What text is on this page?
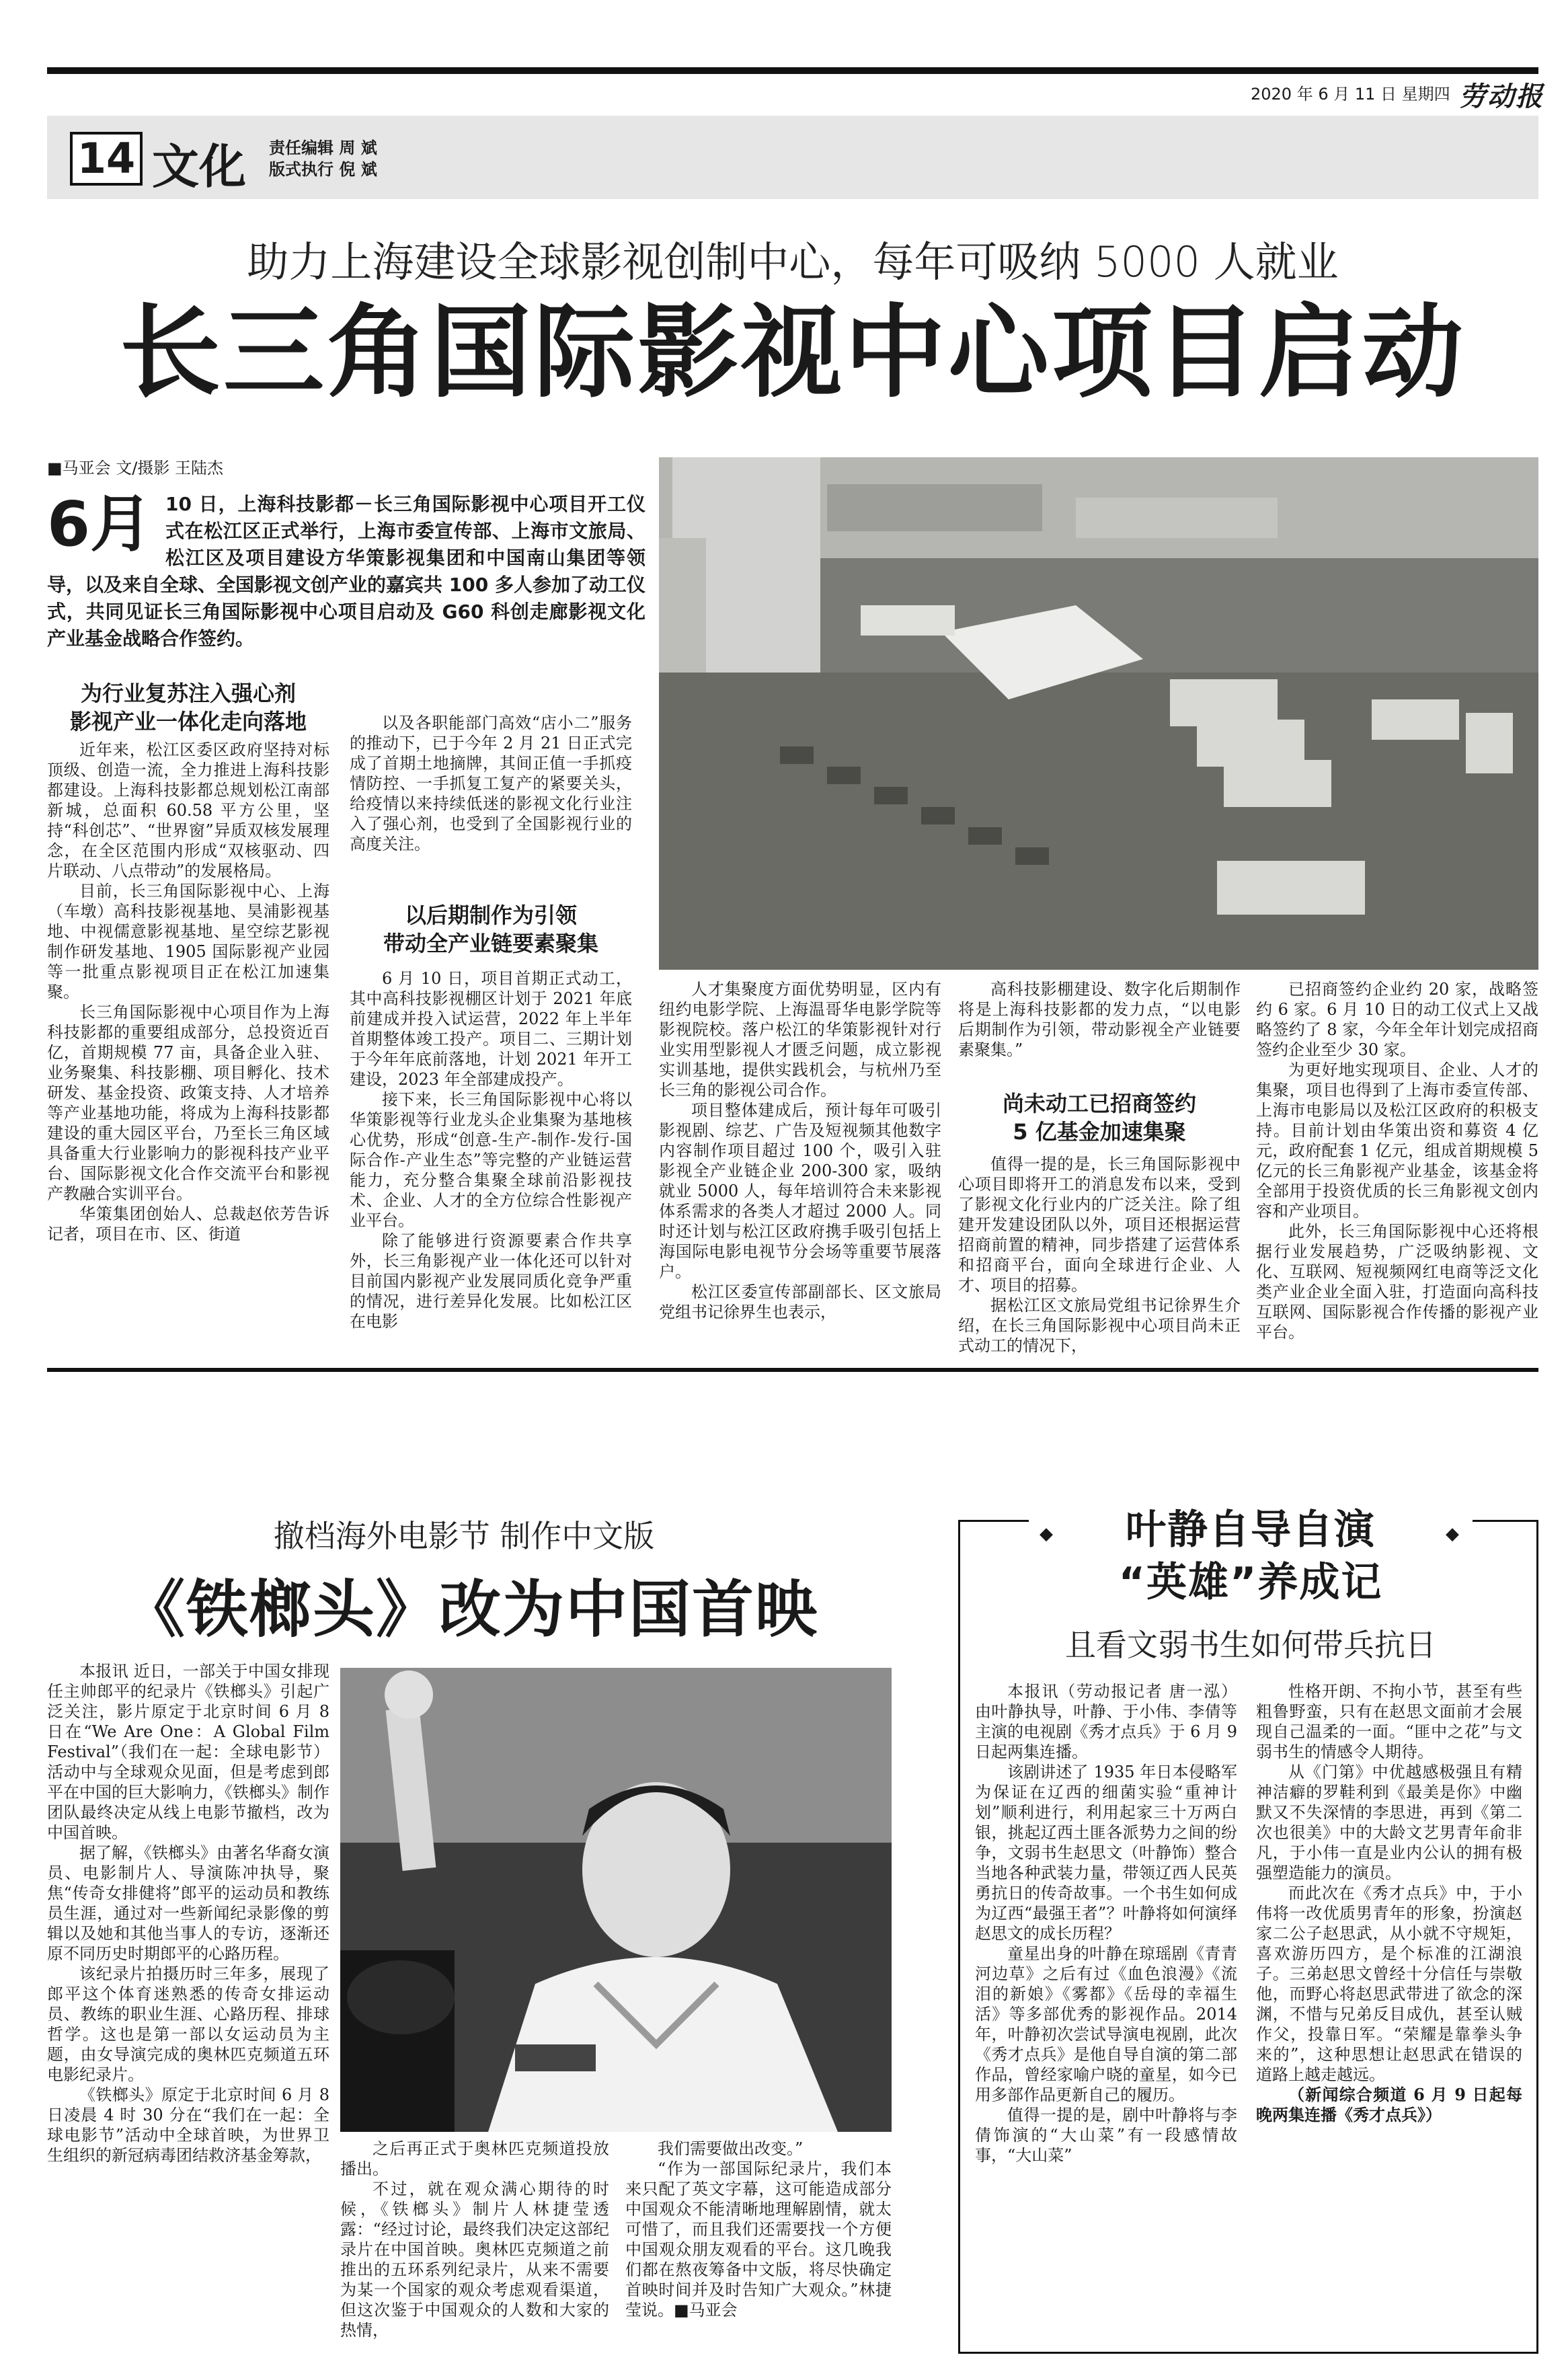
2020 年 6 月 11 日 星期四 劳动报
14 文化 责任编辑 周 斌
版式执行 倪 斌
助力上海建设全球影视创制中心，每年可吸纳 5000 人就业
长三角国际影视中心项目启动
■马亚会 文/摄影 王陆杰
6月 10 日，上海科技影都－长三角国际影视中心项目开工仪式在松江区正式举行，上海市委宣传部、上海市文旅局、松江区及项目建设方华策影视集团和中国南山集团等领导，以及来自全球、全国影视文创产业的嘉宾共 100 多人参加了动工仪式，共同见证长三角国际影视中心项目启动及 G60 科创走廊影视文化产业基金战略合作签约。
为行业复苏注入强心剂
影视产业一体化走向落地

近年来，松江区委区政府坚持对标顶级、创造一流，全力推进上海科技影都建设。上海科技影都总规划松江南部新城，总面积 60.58 平方公里，坚持“科创芯”、“世界窗”异质双核发展理念，在全区范围内形成“双核驱动、四片联动、八点带动”的发展格局。

目前，长三角国际影视中心、上海（车墩）高科技影视基地、昊浦影视基地、中视儒意影视基地、星空综艺影视制作研发基地、1905 国际影视产业园等一批重点影视项目正在松江加速集聚。

长三角国际影视中心项目作为上海科技影都的重要组成部分，总投资近百亿，首期规模 77 亩，具备企业入驻、业务聚集、科技影棚、项目孵化、技术研发、基金投资、政策支持、人才培养等产业基地功能，将成为上海科技影都建设的重大园区平台，乃至长三角区域具备重大行业影响力的影视科技产业平台、国际影视文化合作交流平台和影视产教融合实训平台。

华策集团创始人、总裁赵依芳告诉记者，项目在市、区、街道

以及各职能部门高效“店小二”服务的推动下，已于今年 2 月 21 日正式完成了首期土地摘牌，其间正值一手抓疫情防控、一手抓复工复产的紧要关头，给疫情以来持续低迷的影视文化行业注入了强心剂，也受到了全国影视行业的高度关注。

以后期制作为引领
带动全产业链要素聚集

6 月 10 日，项目首期正式动工，其中高科技影视棚区计划于 2021 年底前建成并投入试运营，2022 年上半年首期整体竣工投产。项目二、三期计划于今年年底前落地，计划 2021 年开工建设，2023 年全部建成投产。

接下来，长三角国际影视中心将以华策影视等行业龙头企业集聚为基地核心优势，形成“创意-生产-制作-发行-国际合作-产业生态”等完整的产业链运营能力，充分整合集聚全球前沿影视技术、企业、人才的全方位综合性影视产业平台。

除了能够进行资源要素合作共享外，长三角影视产业一体化还可以针对目前国内影视产业发展同质化竞争严重的情况，进行差异化发展。比如松江区在电影

人才集聚度方面优势明显，区内有纽约电影学院、上海温哥华电影学院等影视院校。落户松江的华策影视针对行业实用型影视人才匮乏问题，成立影视实训基地，提供实践机会，与杭州乃至长三角的影视公司合作。

项目整体建成后，预计每年可吸引影视剧、综艺、广告及短视频其他数字内容制作项目超过 100 个，吸引入驻影视全产业链企业 200-300 家，吸纳就业 5000 人，每年培训符合未来影视体系需求的各类人才超过 2000 人。同时还计划与松江区政府携手吸引包括上海国际电影电视节分会场等重要节展落户。

松江区委宣传部副部长、区文旅局党组书记徐界生也表示，

高科技影棚建设、数字化后期制作将是上海科技影都的发力点，“以电影后期制作为引领，带动影视全产业链要素聚集。”

尚未动工已招商签约
5 亿基金加速集聚

值得一提的是，长三角国际影视中心项目即将开工的消息发布以来，受到了影视文化行业内的广泛关注。除了组建开发建设团队以外，项目还根据运营招商前置的精神，同步搭建了运营体系和招商平台，面向全球进行企业、人才、项目的招募。

据松江区文旅局党组书记徐界生介绍，在长三角国际影视中心项目尚未正式动工的情况下，

已招商签约企业约 20 家，战略签约 6 家。6 月 10 日的动工仪式上又战略签约了 8 家，今年全年计划完成招商签约企业至少 30 家。

为更好地实现项目、企业、人才的集聚，项目也得到了上海市委宣传部、上海市电影局以及松江区政府的积极支持。目前计划由华策出资和募资 4 亿元，政府配套 1 亿元，组成首期规模 5 亿元的长三角影视产业基金，该基金将全部用于投资优质的长三角影视文创内容和产业项目。

此外，长三角国际影视中心还将根据行业发展趋势，广泛吸纳影视、文化、互联网、短视频网红电商等泛文化类产业企业全面入驻，打造面向高科技互联网、国际影视合作传播的影视产业平台。

撤档海外电影节 制作中文版
《铁榔头》改为中国首映

本报讯 近日，一部关于中国女排现任主帅郎平的纪录片《铁榔头》引起广泛关注，影片原定于北京时间 6 月 8 日在“We Are One：A Global Film Festival”（我们在一起：全球电影节）活动中与全球观众见面，但是考虑到郎平在中国的巨大影响力，《铁榔头》制作团队最终决定从线上电影节撤档，改为中国首映。

据了解，《铁榔头》由著名华裔女演员、电影制片人、导演陈冲执导，聚焦“传奇女排健将”郎平的运动员和教练员生涯，通过对一些新闻纪录影像的剪辑以及她和其他当事人的专访，逐渐还原不同历史时期郎平的心路历程。

该纪录片拍摄历时三年多，展现了郎平这个体育迷熟悉的传奇女排运动员、教练的职业生涯、心路历程、排球哲学。这也是第一部以女运动员为主题，由女导演完成的奥林匹克频道五环电影纪录片。

《铁榔头》原定于北京时间 6 月 8 日凌晨 4 时 30 分在“我们在一起：全球电影节”活动中全球首映，为世界卫生组织的新冠病毒团结救济基金筹款，	之后再正式于奥林匹克频道投放播出。

不过，就在观众满心期待的时候，《铁榔头》制片人林捷莹透露：“经过讨论，最终我们决定这部纪录片在中国首映。奥林匹克频道之前推出的五环系列纪录片，从来不需要为某一个国家的观众考虑观看渠道，但这次鉴于中国观众的人数和大家的热情，

我们需要做出改变。”

“作为一部国际纪录片，我们本来只配了英文字幕，这可能造成部分中国观众不能清晰地理解剧情，就太可惜了，而且我们还需要找一个方便中国观众朋友观看的平台。这几晚我们都在熬夜筹备中文版，将尽快确定首映时间并及时告知广大观众。”林捷莹说。■马亚会

◆	◆
叶静自导自演
“英雄”养成记
且看文弱书生如何带兵抗日

本报讯（劳动报记者 唐一泓）由叶静执导，叶静、于小伟、李倩等主演的电视剧《秀才点兵》于 6 月 9 日起两集连播。

该剧讲述了 1935 年日本侵略军为保证在辽西的细菌实验“重神计划”顺利进行，利用起家三十万两白银，挑起辽西土匪各派势力之间的纷争，文弱书生赵思文（叶静饰）整合当地各种武装力量，带领辽西人民英勇抗日的传奇故事。一个书生如何成为辽西“最强王者”？叶静将如何演绎赵思文的成长历程？

童星出身的叶静在琼瑶剧《青青河边草》之后有过《血色浪漫》《流泪的新娘》《雾都》《岳母的幸福生活》等多部优秀的影视作品。2014 年，叶静初次尝试导演电视剧，此次《秀才点兵》是他自导自演的第二部作品，曾经家喻户晓的童星，如今已用多部作品更新自己的履历。

值得一提的是，剧中叶静将与李倩饰演的“大山菜”有一段感情故事，“大山菜”

性格开朗、不拘小节，甚至有些粗鲁野蛮，只有在赵思文面前才会展现自己温柔的一面。“匪中之花”与文弱书生的情感令人期待。

从《门第》中优越感极强且有精神洁癖的罗鞋利到《最美是你》中幽默又不失深情的李思进，再到《第二次也很美》中的大龄文艺男青年俞非凡，于小伟一直是业内公认的拥有极强塑造能力的演员。

而此次在《秀才点兵》中，于小伟将一改优质男青年的形象，扮演赵家二公子赵思武，从小就不守规矩，喜欢游历四方，是个标准的江湖浪子。三弟赵思文曾经十分信任与崇敬他，而野心将赵思武带进了欲念的深渊，不惜与兄弟反目成仇，甚至认贼作父，投靠日军。“荣耀是靠拳头争来的”，这种思想让赵思武在错误的道路上越走越远。

（新闻综合频道 6 月 9 日起每晚两集连播《秀才点兵》）
